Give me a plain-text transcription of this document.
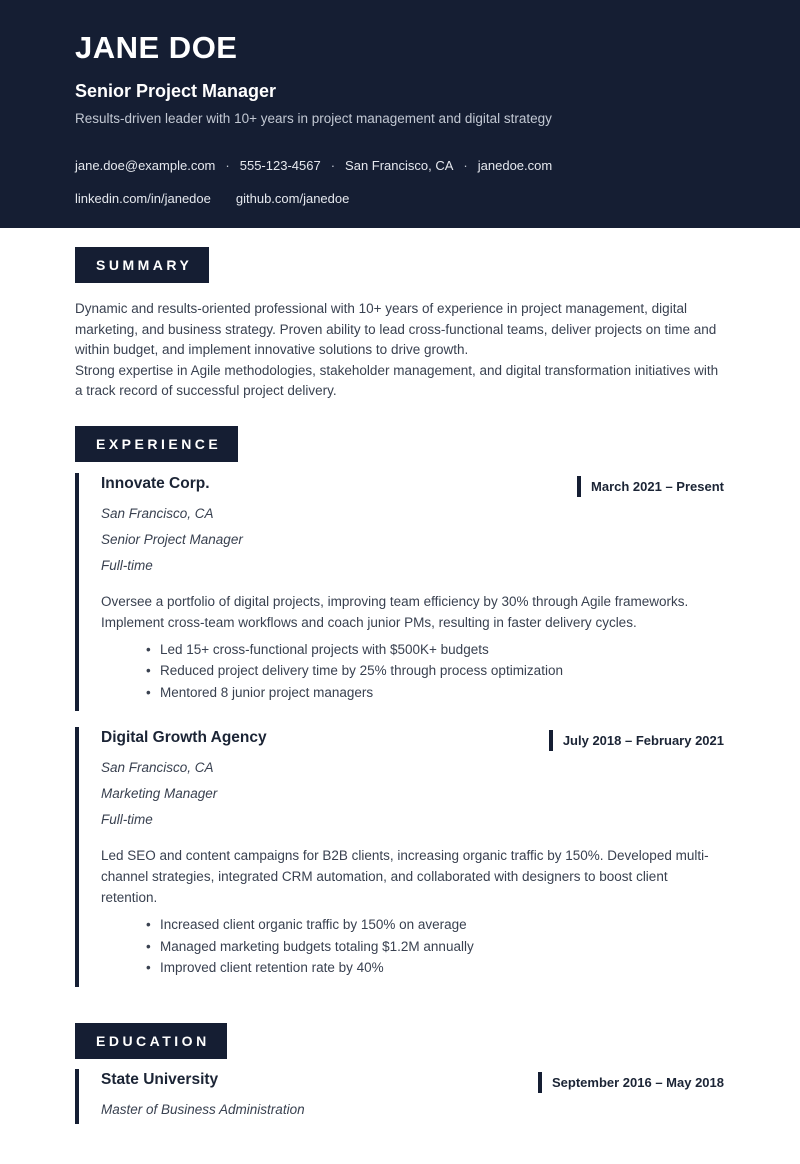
JANE DOE
Senior Project Manager

Results-driven leader with 10+ years in project management and digital strategy

jane.doe@example.com · 555-123-4567 · San Francisco, CA · janedoe.com

linkedin.com/in/janedoe github.com/janedoe

SUMMARY

Dynamic and results-oriented professional with 10+ years of experience in project management, digital marketing, and business strategy. Proven ability to lead cross-functional teams, deliver projects on time and within budget, and implement innovative solutions to drive growth.

Strong expertise in Agile methodologies, stakeholder management, and digital transformation initiatives with a track record of successful project delivery.

EXPERIENCE
Innovate Corp.	March 2021 – Present

San Francisco, CA

Senior Project Manager

Full-time

Oversee a portfolio of digital projects, improving team efficiency by 30% through Agile frameworks. Implement cross-team workflows and coach junior PMs, resulting in faster delivery cycles.

• Led 15+ cross-functional projects with $500K+ budgets
• Reduced project delivery time by 25% through process optimization
• Mentored 8 junior project managers
Digital Growth Agency	July 2018 – February 2021

San Francisco, CA

Marketing Manager

Full-time

Led SEO and content campaigns for B2B clients, increasing organic traffic by 150%. Developed multi-channel strategies, integrated CRM automation, and collaborated with designers to boost client retention.

• Increased client organic traffic by 150% on average
• Managed marketing budgets totaling $1.2M annually
• Improved client retention rate by 40%
EDUCATION
State University	September 2016 – May 2018

Master of Business Administration
